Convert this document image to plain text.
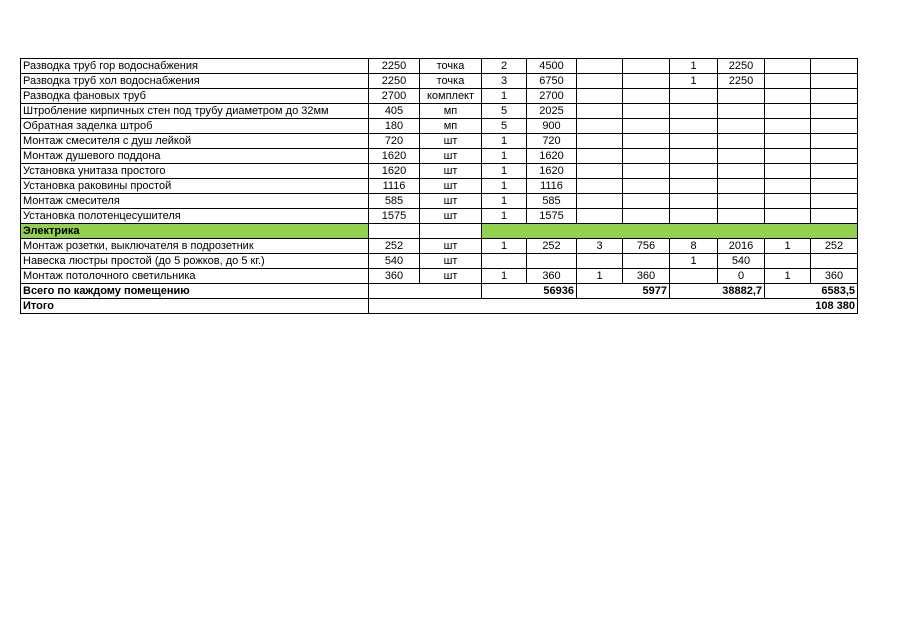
Разводка труб гор водоснабжения	2250	точка	2	4500			1	2250		
Разводка труб хол водоснабжения	2250	точка	3	6750			1	2250		
Разводка фановых труб	2700	комплект	1	2700						
Штробление кирпичных стен под трубу диаметром до 32мм	405	мп	5	2025						
Обратная заделка штроб	180	мп	5	900						
Монтаж смесителя с душ лейкой	720	шт	1	720						
Монтаж душевого поддона	1620	шт	1	1620						
Установка унитаза простого	1620	шт	1	1620						
Установка раковины простой	1116	шт	1	1116						
Монтаж смесителя	585	шт	1	585						
Установка полотенцесушителя	1575	шт	1	1575						
Электрика										
Монтаж розетки, выключателя в подрозетник	252	шт	1	252	3	756	8	2016	1	252
Навеска люстры простой (до 5 рожков, до 5 кг.)	540	шт					1	540		
Монтаж потолочного светильника	360	шт	1	360	1	360		0	1	360
Всего по каждому помещению			56936		5977		38882,7		6583,5	
Итого	108 380									
